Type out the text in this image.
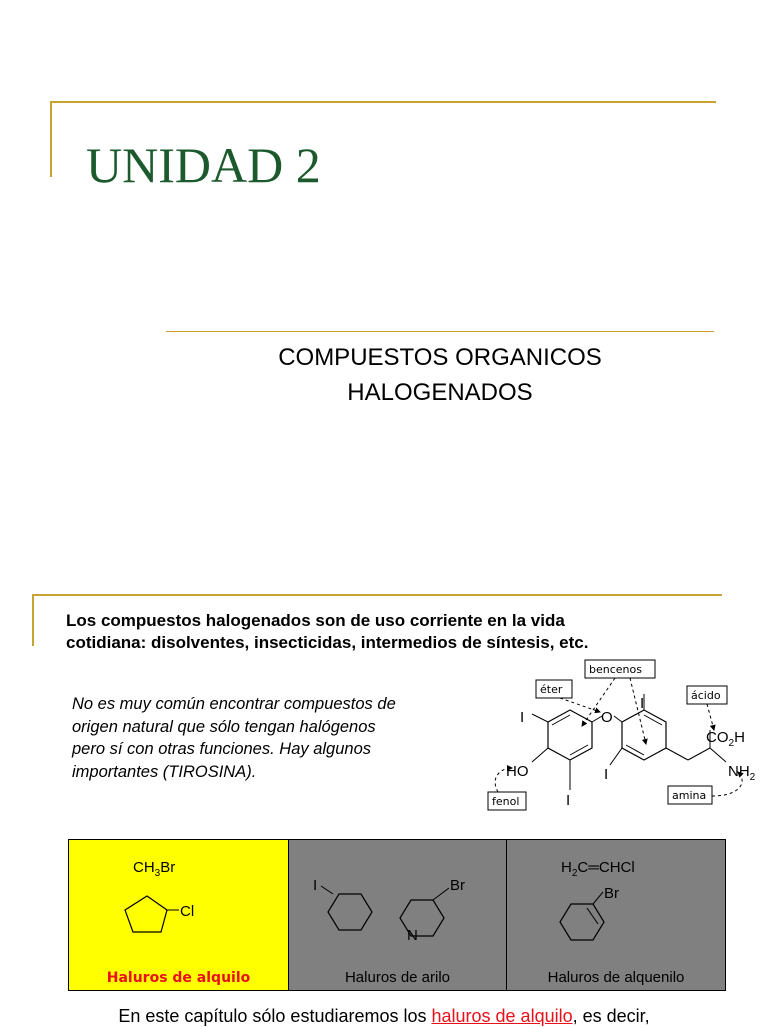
UNIDAD 2
COMPUESTOS ORGANICOS
HALOGENADOS
Los compuestos halogenados son de uso corriente en la vida
cotidiana: disolventes, insecticidas, intermedios de síntesis, etc.
No es muy común encontrar compuestos de
origen natural que sólo tengan halógenos
pero sí con otras funciones. Hay algunos
importantes (TIROSINA).
O
I
I
I
I
HO
$CO_2H$
$NH_2$
bencenos
éter	ácido
fenol	amina
$CH_3Br$
Cl
Haluros de alquilo
I	Br
N
Haluros de arilo
$H_2C═CHCl$
Br
Haluros de alquenilo
En este capítulo sólo estudiaremos los haluros de alquilo, es decir,
